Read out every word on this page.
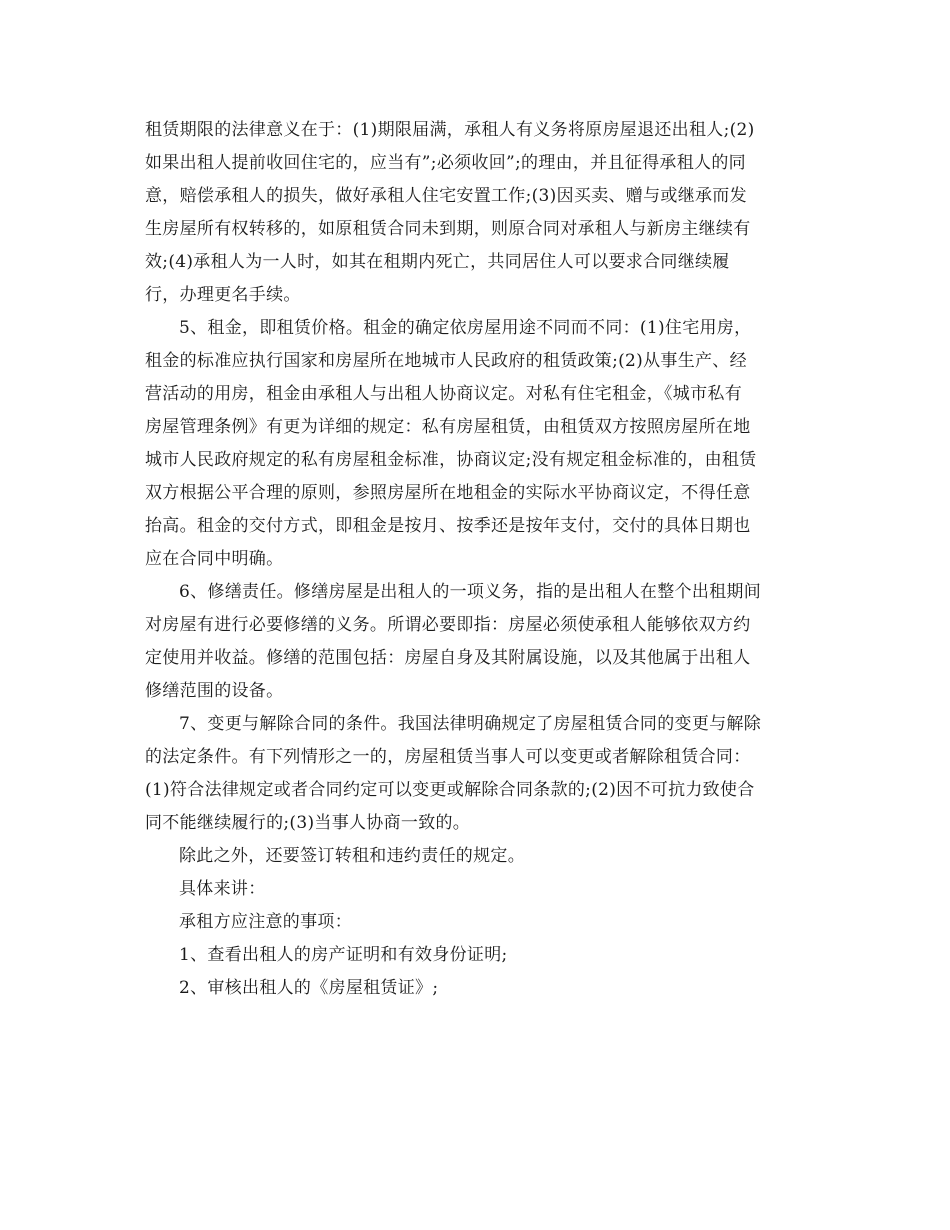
租赁期限的法律意义在于：(1)期限届满，承租人有义务将原房屋退还出租人;(2)
如果出租人提前收回住宅的，应当有”;必须收回”;的理由，并且征得承租人的同
意，赔偿承租人的损失，做好承租人住宅安置工作;(3)因买卖、赠与或继承而发
生房屋所有权转移的，如原租赁合同未到期，则原合同对承租人与新房主继续有
效;(4)承租人为一人时，如其在租期内死亡，共同居住人可以要求合同继续履
行，办理更名手续。
5、租金，即租赁价格。租金的确定依房屋用途不同而不同：(1)住宅用房，
租金的标准应执行国家和房屋所在地城市人民政府的租赁政策;(2)从事生产、经
营活动的用房，租金由承租人与出租人协商议定。对私有住宅租金，《城市私有
房屋管理条例》有更为详细的规定：私有房屋租赁，由租赁双方按照房屋所在地
城市人民政府规定的私有房屋租金标准，协商议定;没有规定租金标准的，由租赁
双方根据公平合理的原则，参照房屋所在地租金的实际水平协商议定，不得任意
抬高。租金的交付方式，即租金是按月、按季还是按年支付，交付的具体日期也
应在合同中明确。
6、修缮责任。修缮房屋是出租人的一项义务，指的是出租人在整个出租期间
对房屋有进行必要修缮的义务。所谓必要即指：房屋必须使承租人能够依双方约
定使用并收益。修缮的范围包括：房屋自身及其附属设施，以及其他属于出租人
修缮范围的设备。
7、变更与解除合同的条件。我国法律明确规定了房屋租赁合同的变更与解除
的法定条件。有下列情形之一的，房屋租赁当事人可以变更或者解除租赁合同：
(1)符合法律规定或者合同约定可以变更或解除合同条款的;(2)因不可抗力致使合
同不能继续履行的;(3)当事人协商一致的。
除此之外，还要签订转租和违约责任的规定。
具体来讲：
承租方应注意的事项：
1、查看出租人的房产证明和有效身份证明;
2、审核出租人的《房屋租赁证》;
